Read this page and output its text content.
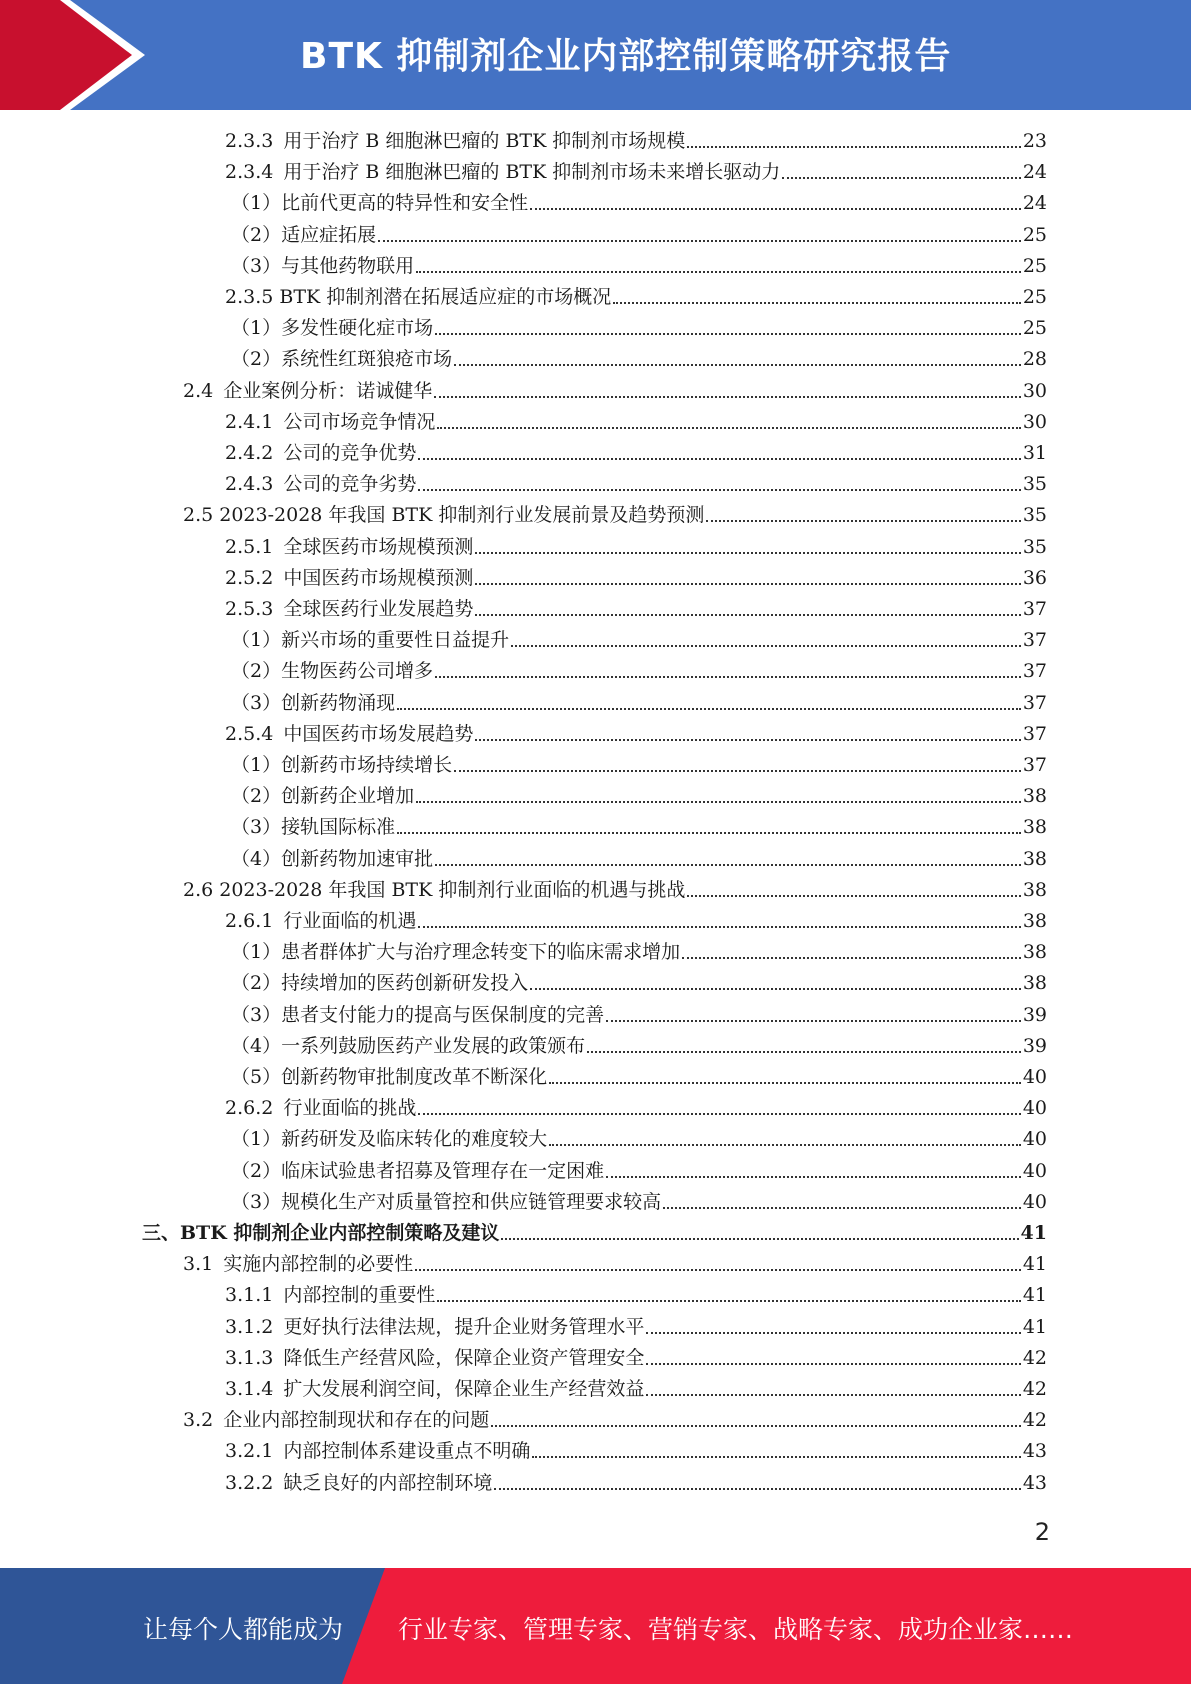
BTK 抑制剂企业内部控制策略研究报告
2.3.3 用于治疗 B 细胞淋巴瘤的 BTK 抑制剂市场规模	23
2.3.4 用于治疗 B 细胞淋巴瘤的 BTK 抑制剂市场未来增长驱动力	24
（1）比前代更高的特异性和安全性	24
（2）适应症拓展	25
（3）与其他药物联用	25
2.3.5 BTK 抑制剂潜在拓展适应症的市场概况	25
（1）多发性硬化症市场	25
（2）系统性红斑狼疮市场	28
2.4 企业案例分析：诺诚健华	30
2.4.1 公司市场竞争情况	30
2.4.2 公司的竞争优势	31
2.4.3 公司的竞争劣势	35
2.5 2023-2028 年我国 BTK 抑制剂行业发展前景及趋势预测	35
2.5.1 全球医药市场规模预测	35
2.5.2 中国医药市场规模预测	36
2.5.3 全球医药行业发展趋势	37
（1）新兴市场的重要性日益提升	37
（2）生物医药公司增多	37
（3）创新药物涌现	37
2.5.4 中国医药市场发展趋势	37
（1）创新药市场持续增长	37
（2）创新药企业增加	38
（3）接轨国际标准	38
（4）创新药物加速审批	38
2.6 2023-2028 年我国 BTK 抑制剂行业面临的机遇与挑战	38
2.6.1 行业面临的机遇	38
（1）患者群体扩大与治疗理念转变下的临床需求增加	38
（2）持续增加的医药创新研发投入	38
（3）患者支付能力的提高与医保制度的完善	39
（4）一系列鼓励医药产业发展的政策颁布	39
（5）创新药物审批制度改革不断深化	40
2.6.2 行业面临的挑战	40
（1）新药研发及临床转化的难度较大	40
（2）临床试验患者招募及管理存在一定困难	40
（3）规模化生产对质量管控和供应链管理要求较高	40
三、BTK 抑制剂企业内部控制策略及建议	41
3.1 实施内部控制的必要性	41
3.1.1 内部控制的重要性	41
3.1.2 更好执行法律法规，提升企业财务管理水平	41
3.1.3 降低生产经营风险，保障企业资产管理安全	42
3.1.4 扩大发展利润空间，保障企业生产经营效益	42
3.2 企业内部控制现状和存在的问题	42
3.2.1 内部控制体系建设重点不明确	43
3.2.2 缺乏良好的内部控制环境	43
2
让每个人都能成为 行业专家、管理专家、营销专家、战略专家、成功企业家……
